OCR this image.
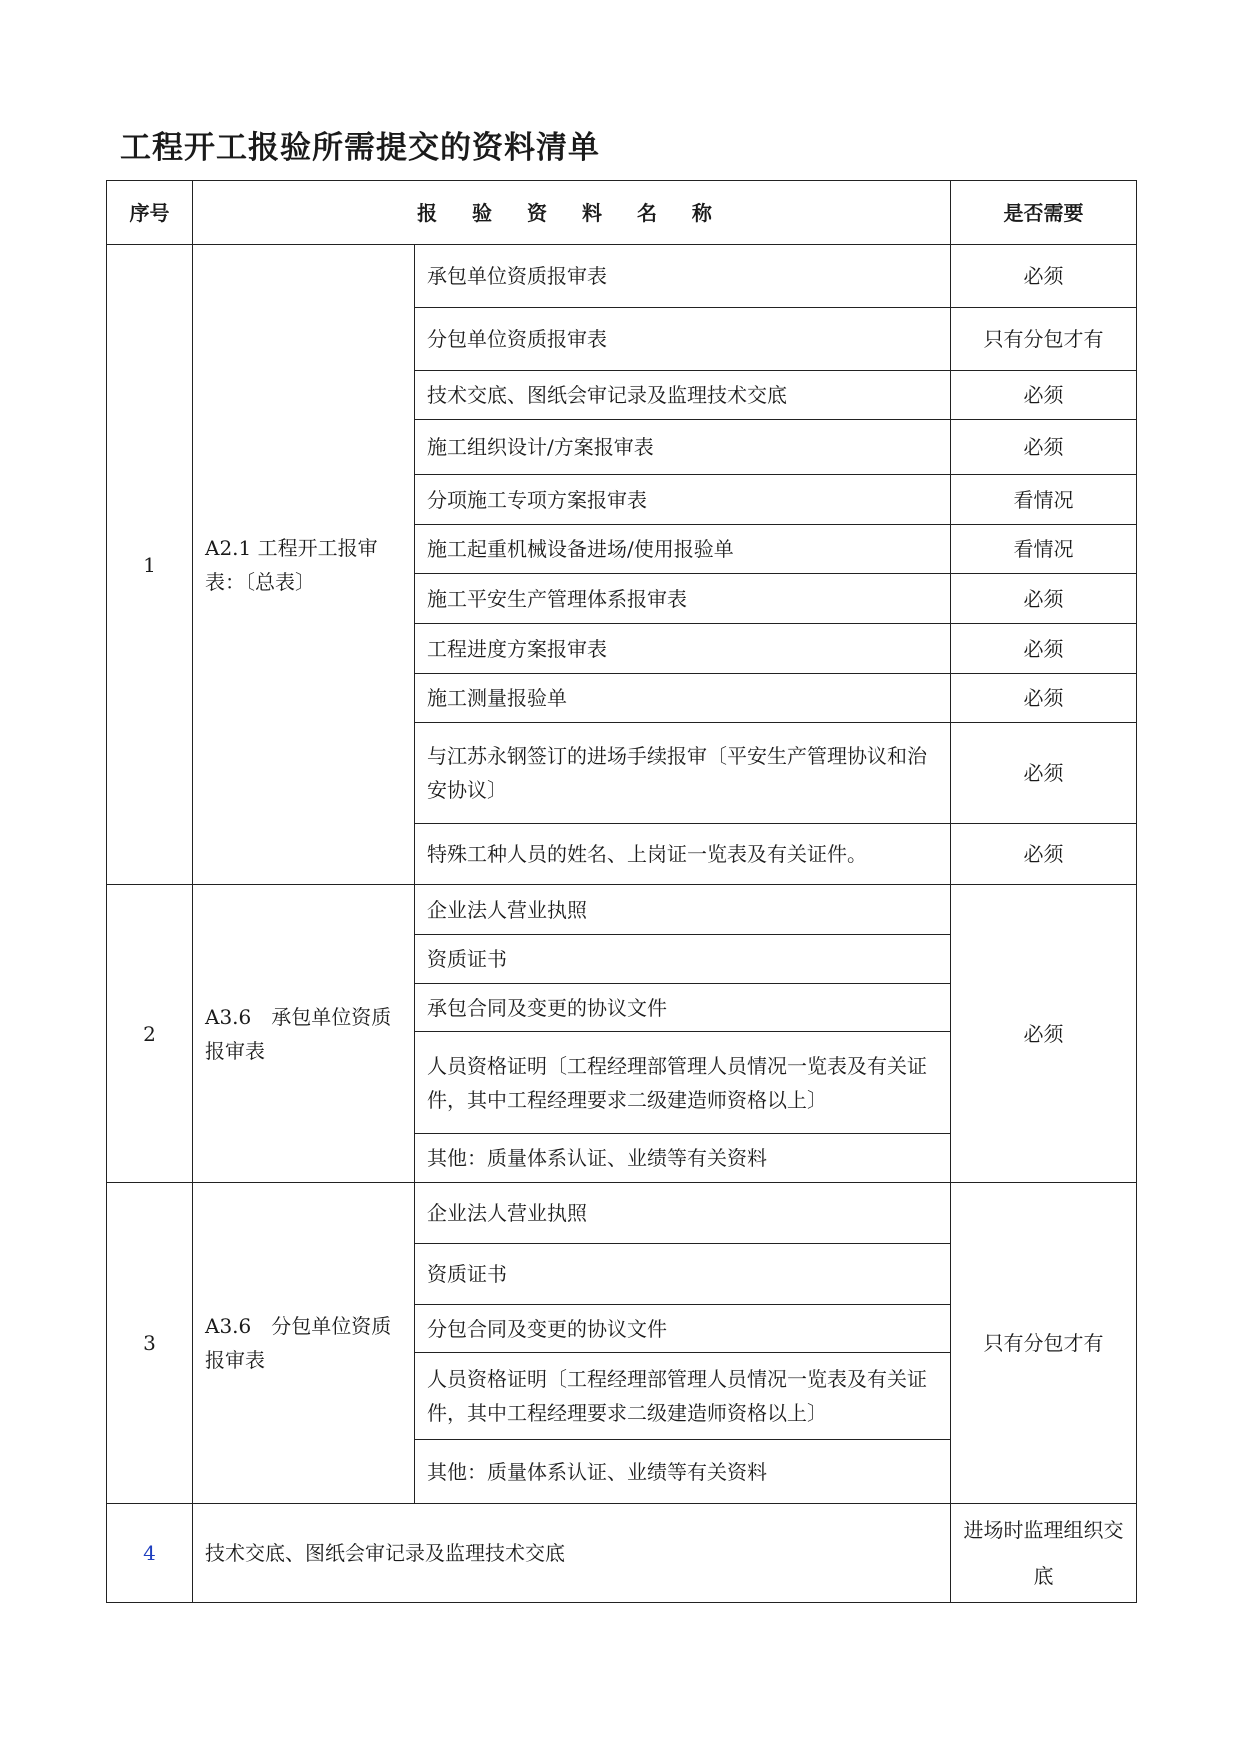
工程开工报验所需提交的资料清单
序号	报 验 资 料 名 称		是否需要
1	A2.1 工程开工报审表：〔总表〕	承包单位资质报审表	必须
		分包单位资质报审表	只有分包才有
		技术交底、图纸会审记录及监理技术交底	必须
		施工组织设计/方案报审表	必须
		分项施工专项方案报审表	看情况
		施工起重机械设备进场/使用报验单	看情况
		施工平安生产管理体系报审表	必须
		工程进度方案报审表	必须
		施工测量报验单	必须
		与江苏永钢签订的进场手续报审〔平安生产管理协议和治安协议〕	必须
		特殊工种人员的姓名、上岗证一览表及有关证件。	必须
2	A3.6　承包单位资质报审表	企业法人营业执照	必须
		资质证书	
		承包合同及变更的协议文件	
		人员资格证明〔工程经理部管理人员情况一览表及有关证件，其中工程经理要求二级建造师资格以上〕	
		其他：质量体系认证、业绩等有关资料	
3	A3.6　分包单位资质报审表	企业法人营业执照	只有分包才有
		资质证书	
		分包合同及变更的协议文件	
		人员资格证明〔工程经理部管理人员情况一览表及有关证件，其中工程经理要求二级建造师资格以上〕	
		其他：质量体系认证、业绩等有关资料	
4	技术交底、图纸会审记录及监理技术交底		进场时监理组织交底
